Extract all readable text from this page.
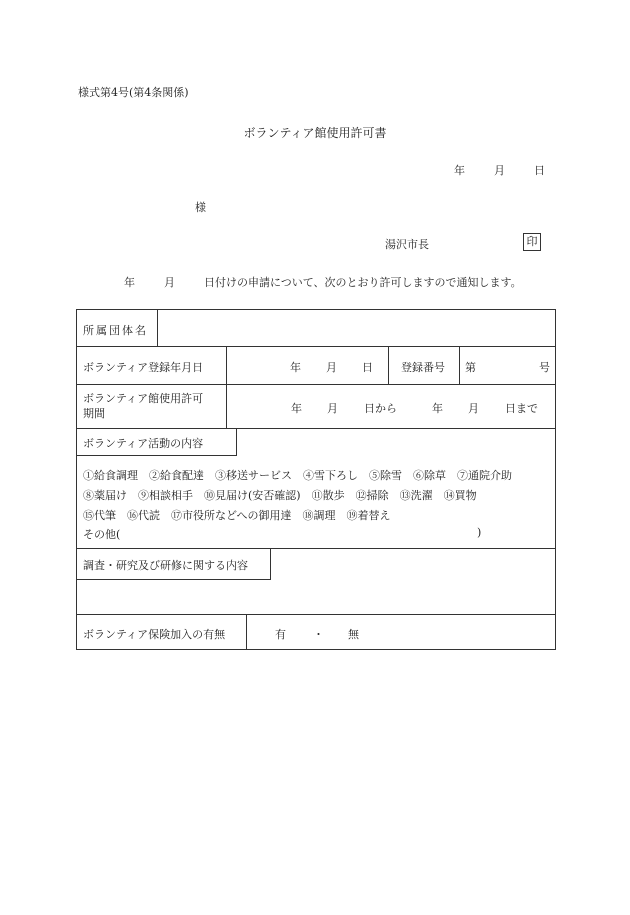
様式第4号(第4条関係)
ボランティア館使用許可書
年	月	日
様
湯沢市長	印
年	月	日付けの申請について、次のとおり許可しますので通知します。
所属団体名
ボランティア登録年月日	年 月 日	登録番号 第	号
ボランティア館使用許可
期間	年 月 日から	年 月 日まで
ボランティア活動の内容
①給食調理　②給食配達　③移送サービス　④雪下ろし　⑤除雪　⑥除草　⑦通院介助
⑧薬届け　⑨相談相手　⑩見届け(安否確認)　⑪散歩　⑫掃除　⑬洗濯　⑭買物
⑮代筆　⑯代読　⑰市役所などへの御用達　⑱調理　⑲着替え
その他(	)
調査・研究及び研修に関する内容
ボランティア保険加入の有無	有 ・ 無
